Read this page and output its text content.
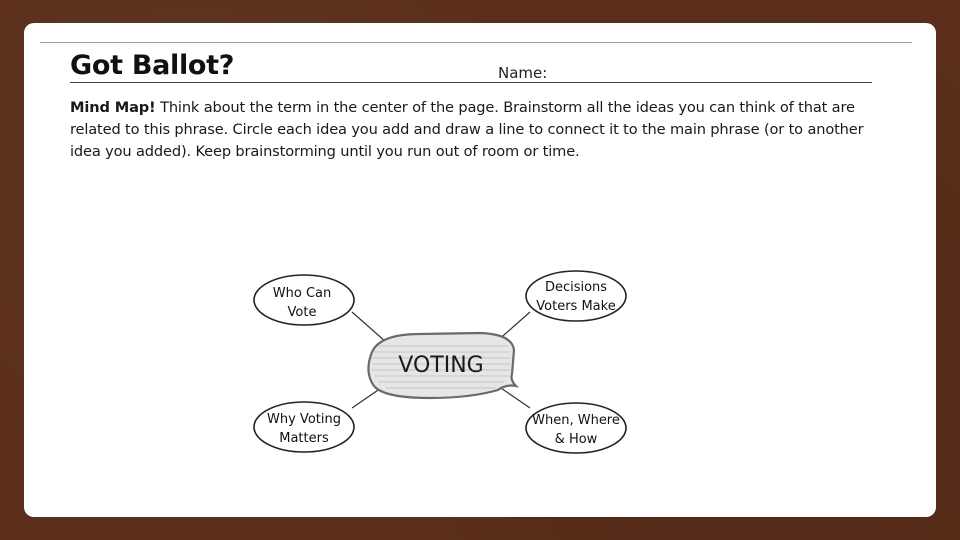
Got Ballot?	Name:

Mind Map! Think about the term in the center of the page. Brainstorm all the ideas you can think of that are related to this phrase. Circle each idea you add and draw a line to connect it to the main phrase (or to another idea you added). Keep brainstorming until you run out of room or time.

VOTING
Who Can
Vote
Decisions
Voters Make
Why Voting
Matters
When, Where
& How
